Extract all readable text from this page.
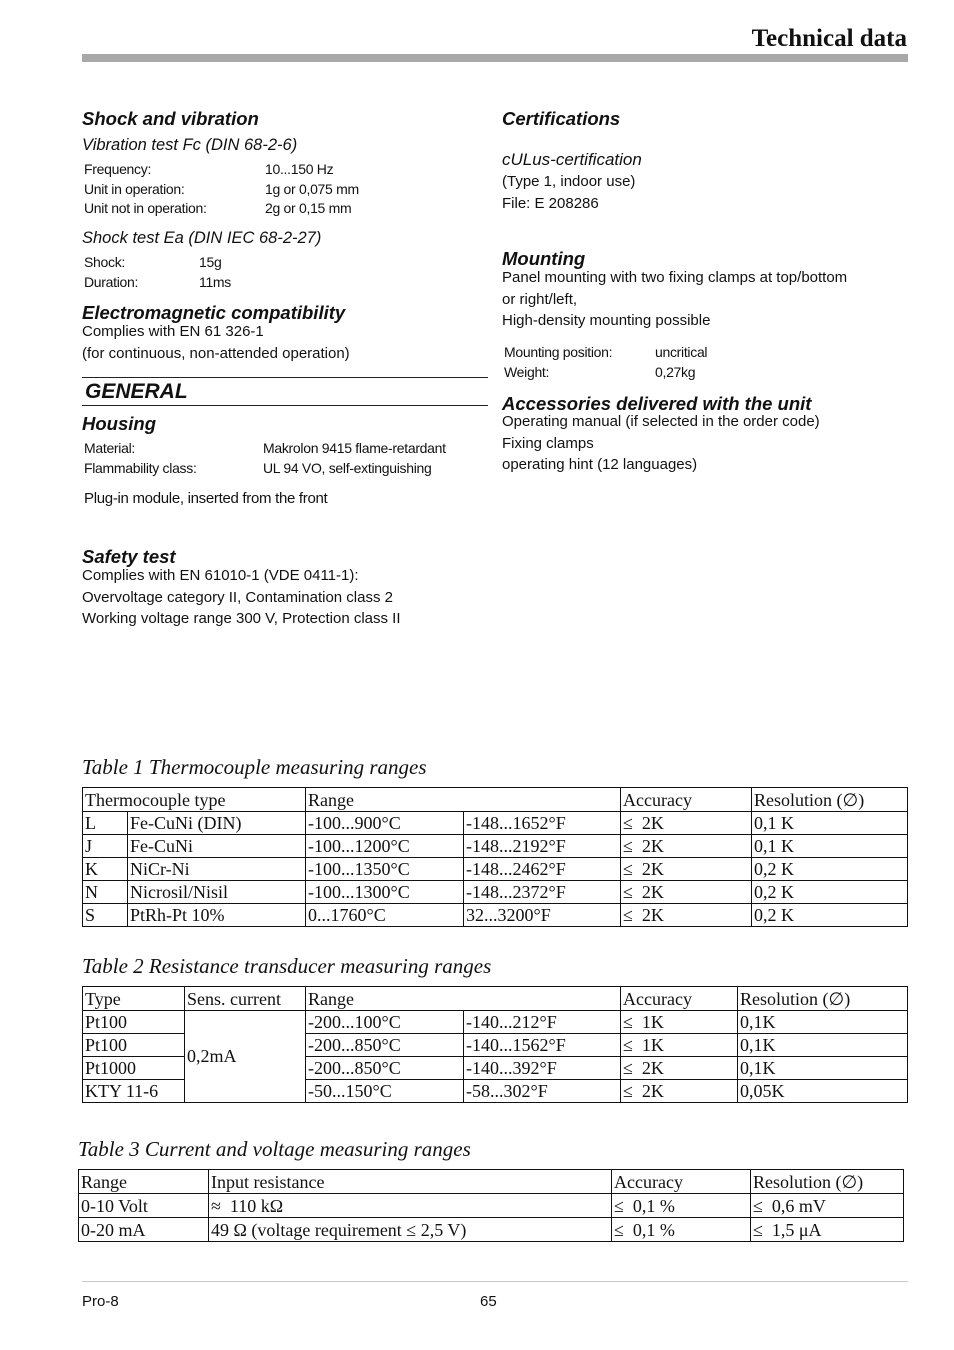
Technical data
Shock and vibration
Vibration test Fc (DIN 68-2-6)
Frequency:	10...150 Hz
Unit in operation:	1g or 0,075 mm
Unit not in operation:	2g or 0,15 mm
Shock test Ea (DIN IEC 68-2-27)
Shock:	15g
Duration:	11ms
Electromagnetic compatibility
Complies with EN 61 326-1
(for continuous, non-attended operation)
GENERAL
Housing
Material:	Makrolon 9415 flame-retardant
Flammability class:	UL 94 VO, self-extinguishing
Plug-in module, inserted from the front
Safety test
Complies with EN 61010-1 (VDE 0411-1):
Overvoltage category II, Contamination class 2
Working voltage range 300 V, Protection class II
Certifications
cULus-certification
(Type 1, indoor use)
File: E 208286
Mounting
Panel mounting with two fixing clamps at top/bottom
or right/left,
High-density mounting possible
Mounting position:	uncritical
Weight:	0,27kg
Accessories delivered with the unit
Operating manual (if selected in the order code)
Fixing clamps
operating hint (12 languages)
Table 1 Thermocouple measuring ranges
Thermocouple type		Range		Accuracy	Resolution (∅)
L	Fe-CuNi (DIN)	-100...900°C	-148...1652°F	≤  2K	0,1 K
J	Fe-CuNi	-100...1200°C	-148...2192°F	≤  2K	0,1 K
K	NiCr-Ni	-100...1350°C	-148...2462°F	≤  2K	0,2 K
N	Nicrosil/Nisil	-100...1300°C	-148...2372°F	≤  2K	0,2 K
S	PtRh-Pt 10%	0...1760°C	32...3200°F	≤  2K	0,2 K
Table 2 Resistance transducer measuring ranges
Type	Sens. current	Range		Accuracy	Resolution (∅)
Pt100	0,2mA	-200...100°C	-140...212°F	≤  1K	0,1K
Pt100		-200...850°C	-140...1562°F	≤  1K	0,1K
Pt1000		-200...850°C	-140...392°F	≤  2K	0,1K
KTY 11-6		-50...150°C	-58...302°F	≤  2K	0,05K
Table 3 Current and voltage measuring ranges
Range	Input resistance	Accuracy	Resolution (∅)
0-10 Volt	≈  110 kΩ	≤  0,1 %	≤  0,6 mV
0-20 mA	49 Ω (voltage requirement ≤ 2,5 V)	≤  0,1 %	≤  1,5 μA
Pro-8	65
